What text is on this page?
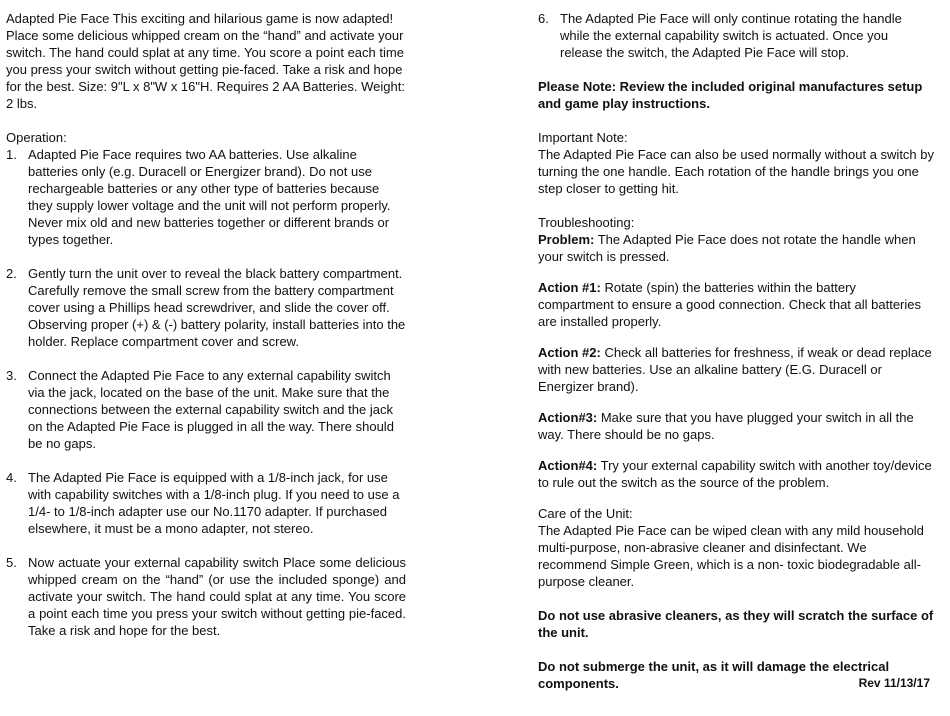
Adapted Pie Face This exciting and hilarious game is now adapted! Place some delicious whipped cream on the “hand” and activate your switch. The hand could splat at any time. You score a point each time you press your switch without getting pie-faced. Take a risk and hope for the best. Size: 9"L x 8"W x 16"H. Requires 2 AA Batteries. Weight: 2 lbs.

Operation:

1. Adapted Pie Face requires two AA batteries. Use alkaline batteries only (e.g. Duracell or Energizer brand). Do not use rechargeable batteries or any other type of batteries because they supply lower voltage and the unit will not perform properly. Never mix old and new batteries together or different brands or types together.
2. Gently turn the unit over to reveal the black battery compartment. Carefully remove the small screw from the battery compartment cover using a Phillips head screwdriver, and slide the cover off. Observing proper (+) & (-) battery polarity, install batteries into the holder. Replace compartment cover and screw.
3. Connect the Adapted Pie Face to any external capability switch via the jack, located on the base of the unit. Make sure that the connections between the external capability switch and the jack on the Adapted Pie Face is plugged in all the way. There should be no gaps.
4. The Adapted Pie Face is equipped with a 1/8-inch jack, for use with capability switches with a 1/8-inch plug. If you need to use a 1/4- to 1/8-inch adapter use our No.1170 adapter. If purchased elsewhere, it must be a mono adapter, not stereo.
5. Now actuate your external capability switch Place some delicious whipped cream on the “hand” (or use the included sponge) and activate your switch. The hand could splat at any time. You score a point each time you press your switch without getting pie-faced. Take a risk and hope for the best.
6. The Adapted Pie Face will only continue rotating the handle while the external capability switch is actuated. Once you release the switch, the Adapted Pie Face will stop.

Please Note: Review the included original manufactures setup and game play instructions.

Important Note:

The Adapted Pie Face can also be used normally without a switch by turning the one handle. Each rotation of the handle brings you one step closer to getting hit.

Troubleshooting:

Problem: The Adapted Pie Face does not rotate the handle when your switch is pressed.

Action #1: Rotate (spin) the batteries within the battery compartment to ensure a good connection. Check that all batteries are installed properly.

Action #2: Check all batteries for freshness, if weak or dead replace with new batteries. Use an alkaline battery (E.G. Duracell or Energizer brand).

Action#3: Make sure that you have plugged your switch in all the way. There should be no gaps.

Action#4: Try your external capability switch with another toy/device to rule out the switch as the source of the problem.

Care of the Unit:

The Adapted Pie Face can be wiped clean with any mild household multi-purpose, non-abrasive cleaner and disinfectant. We recommend Simple Green, which is a non- toxic biodegradable all-purpose cleaner.

Do not use abrasive cleaners, as they will scratch the surface of the unit.

Do not submerge the unit, as it will damage the electrical

components.	Rev 11/13/17
